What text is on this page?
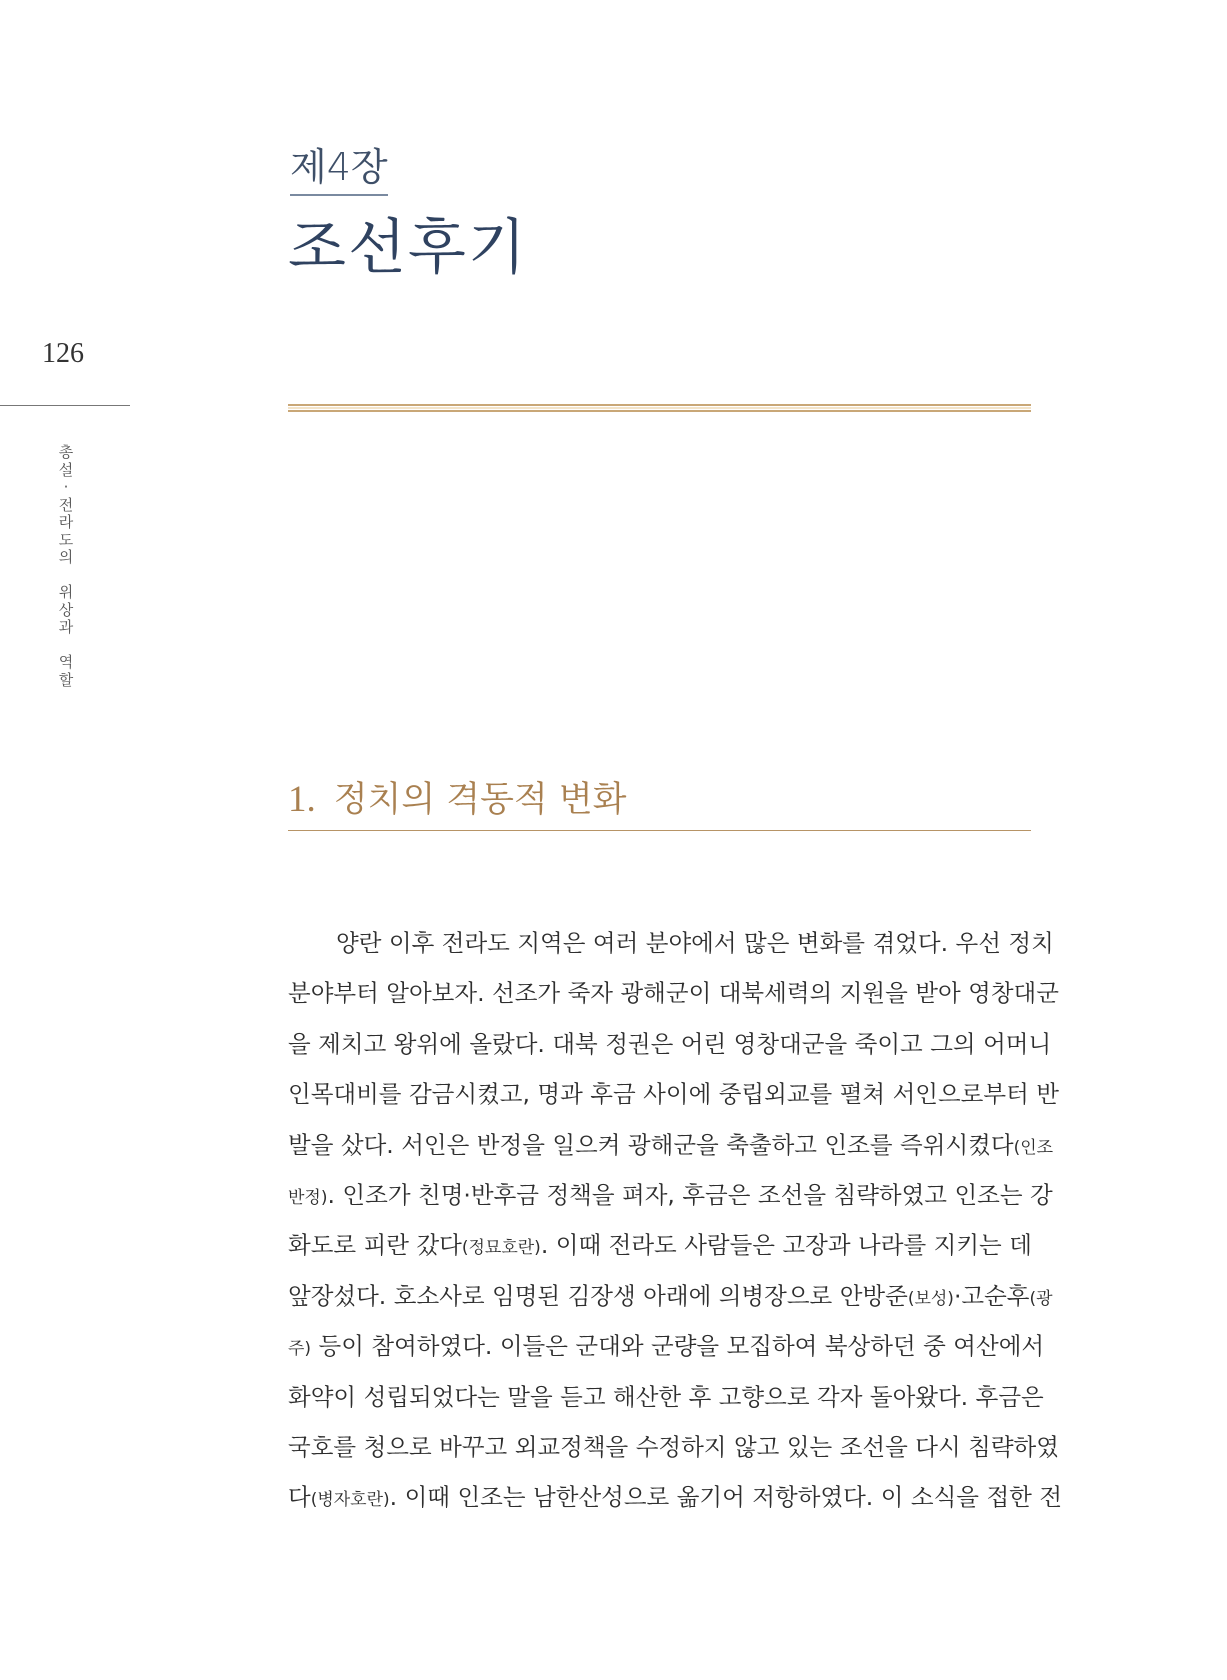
제4장
조선후기
126
총
설
·
전
라
도
의

위
상
과

역
할
1. 정치의 격동적 변화
양란 이후 전라도 지역은 여러 분야에서 많은 변화를 겪었다. 우선 정치
분야부터 알아보자. 선조가 죽자 광해군이 대북세력의 지원을 받아 영창대군
을 제치고 왕위에 올랐다. 대북 정권은 어린 영창대군을 죽이고 그의 어머니
인목대비를 감금시켰고, 명과 후금 사이에 중립외교를 펼쳐 서인으로부터 반
발을 샀다. 서인은 반정을 일으켜 광해군을 축출하고 인조를 즉위시켰다(인조
반정). 인조가 친명·반후금 정책을 펴자, 후금은 조선을 침략하였고 인조는 강
화도로 피란 갔다(정묘호란). 이때 전라도 사람들은 고장과 나라를 지키는 데
앞장섰다. 호소사로 임명된 김장생 아래에 의병장으로 안방준(보성)·고순후(광
주) 등이 참여하였다. 이들은 군대와 군량을 모집하여 북상하던 중 여산에서
화약이 성립되었다는 말을 듣고 해산한 후 고향으로 각자 돌아왔다. 후금은
국호를 청으로 바꾸고 외교정책을 수정하지 않고 있는 조선을 다시 침략하였
다(병자호란). 이때 인조는 남한산성으로 옮기어 저항하였다. 이 소식을 접한 전
